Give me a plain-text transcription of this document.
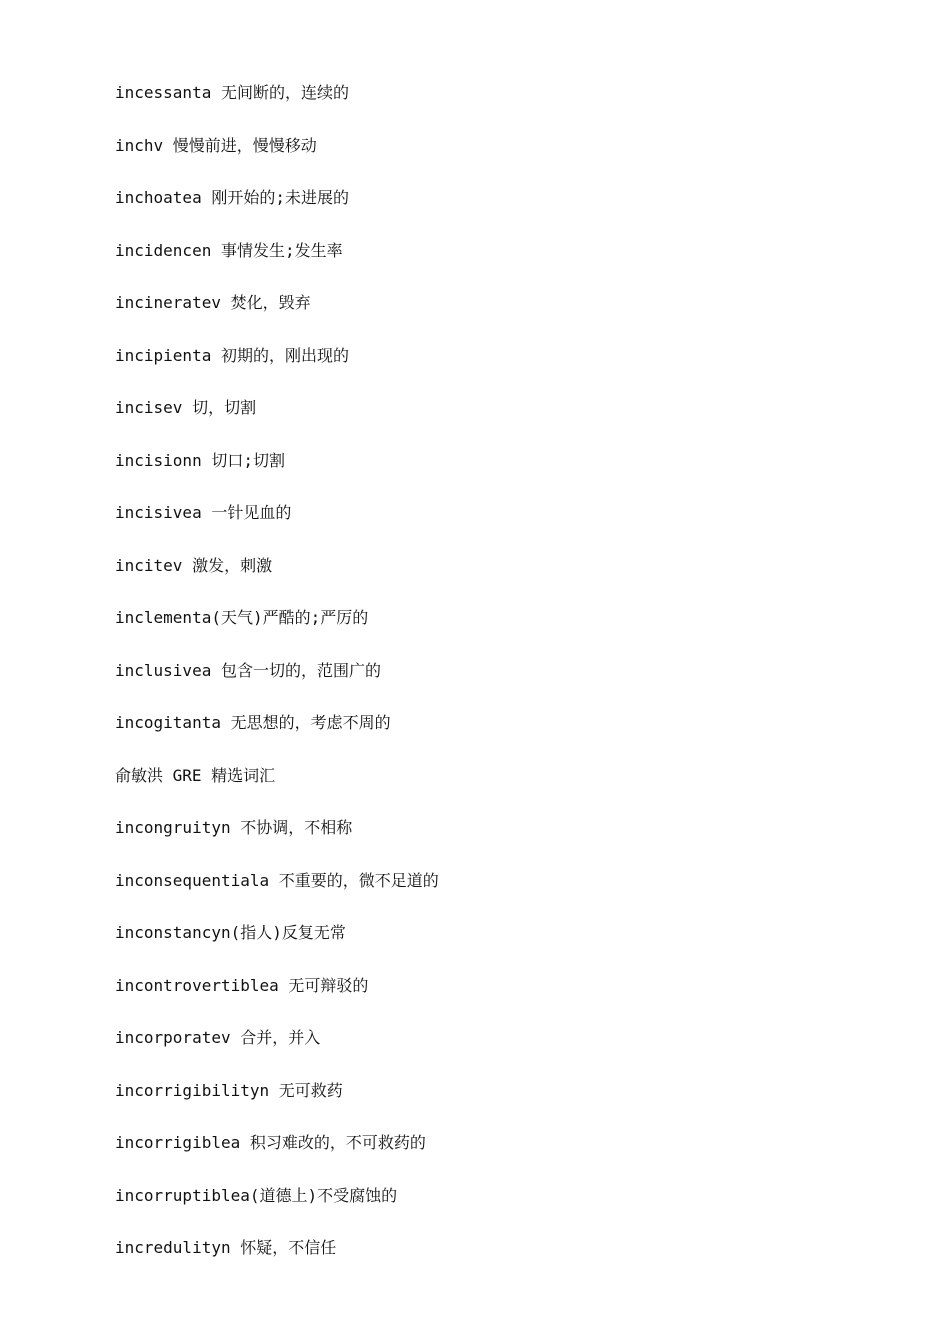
incessanta 无间断的，连续的
inchv 慢慢前进，慢慢移动
inchoatea 刚开始的;未进展的
incidencen 事情发生;发生率
incineratev 焚化，毁弃
incipienta 初期的，刚出现的
incisev 切，切割
incisionn 切口;切割
incisivea 一针见血的
incitev 激发，刺激
inclementa(天气)严酷的;严厉的
inclusivea 包含一切的，范围广的
incogitanta 无思想的，考虑不周的
俞敏洪 GRE 精选词汇
incongruityn 不协调，不相称
inconsequentiala 不重要的，微不足道的
inconstancyn(指人)反复无常
incontrovertiblea 无可辩驳的
incorporatev 合并，并入
incorrigibilityn 无可救药
incorrigiblea 积习难改的，不可救药的
incorruptiblea(道德上)不受腐蚀的
incredulityn 怀疑，不信任
